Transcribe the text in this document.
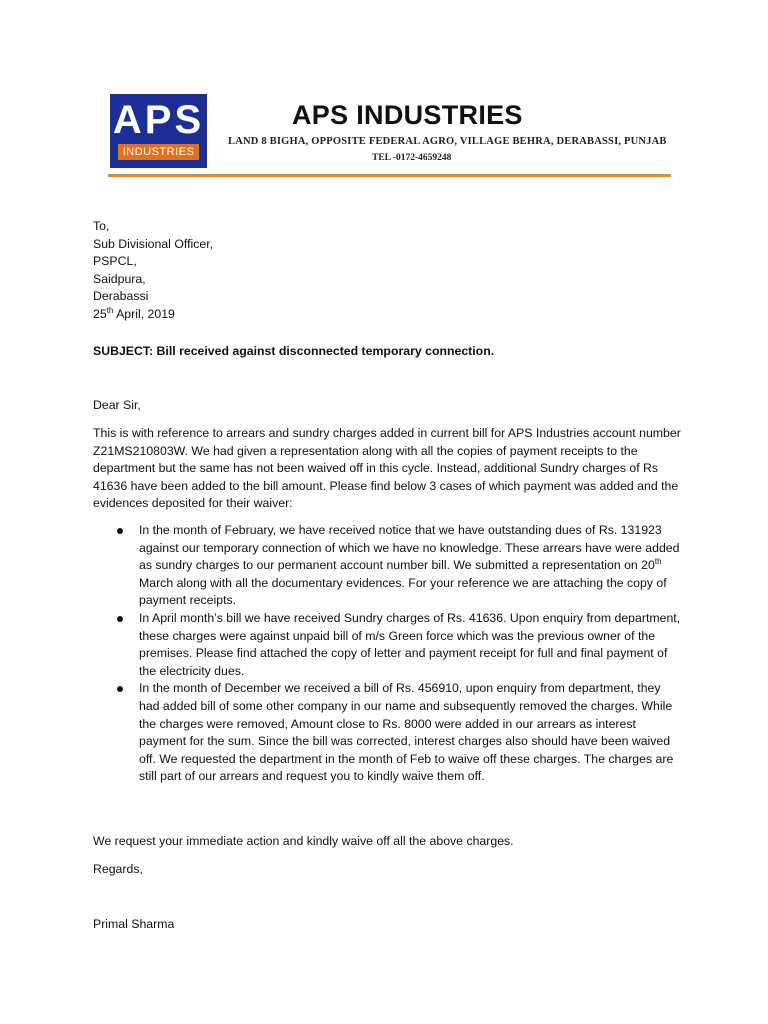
APS
INDUSTRIES
APS INDUSTRIES
LAND 8 BIGHA, OPPOSITE FEDERAL AGRO, VILLAGE BEHRA, DERABASSI, PUNJAB
TEL -0172-4659248
To,
Sub Divisional Officer,
PSPCL,
Saidpura,
Derabassi
25th April, 2019
SUBJECT: Bill received against disconnected temporary connection.
Dear Sir,
This is with reference to arrears and sundry charges added in current bill for APS Industries account number Z21MS210803W. We had given a representation along with all the copies of payment receipts to the department but the same has not been waived off in this cycle. Instead, additional Sundry charges of Rs 41636 have been added to the bill amount. Please find below 3 cases of which payment was added and the evidences deposited for their waiver:
In the month of February, we have received notice that we have outstanding dues of Rs. 131923 against our temporary connection of which we have no knowledge. These arrears have were added as sundry charges to our permanent account number bill. We submitted a representation on 20th March along with all the documentary evidences. For your reference we are attaching the copy of payment receipts.
In April month’s bill we have received Sundry charges of Rs. 41636. Upon enquiry from department, these charges were against unpaid bill of m/s Green force which was the previous owner of the premises. Please find attached the copy of letter and payment receipt for full and final payment of the electricity dues.
In the month of December we received a bill of Rs. 456910, upon enquiry from department, they had added bill of some other company in our name and subsequently removed the charges. While the charges were removed, Amount close to Rs. 8000 were added in our arrears as interest payment for the sum. Since the bill was corrected, interest charges also should have been waived off. We requested the department in the month of Feb to waive off these charges. The charges are still part of our arrears and request you to kindly waive them off.
We request your immediate action and kindly waive off all the above charges.
Regards,
Primal Sharma
